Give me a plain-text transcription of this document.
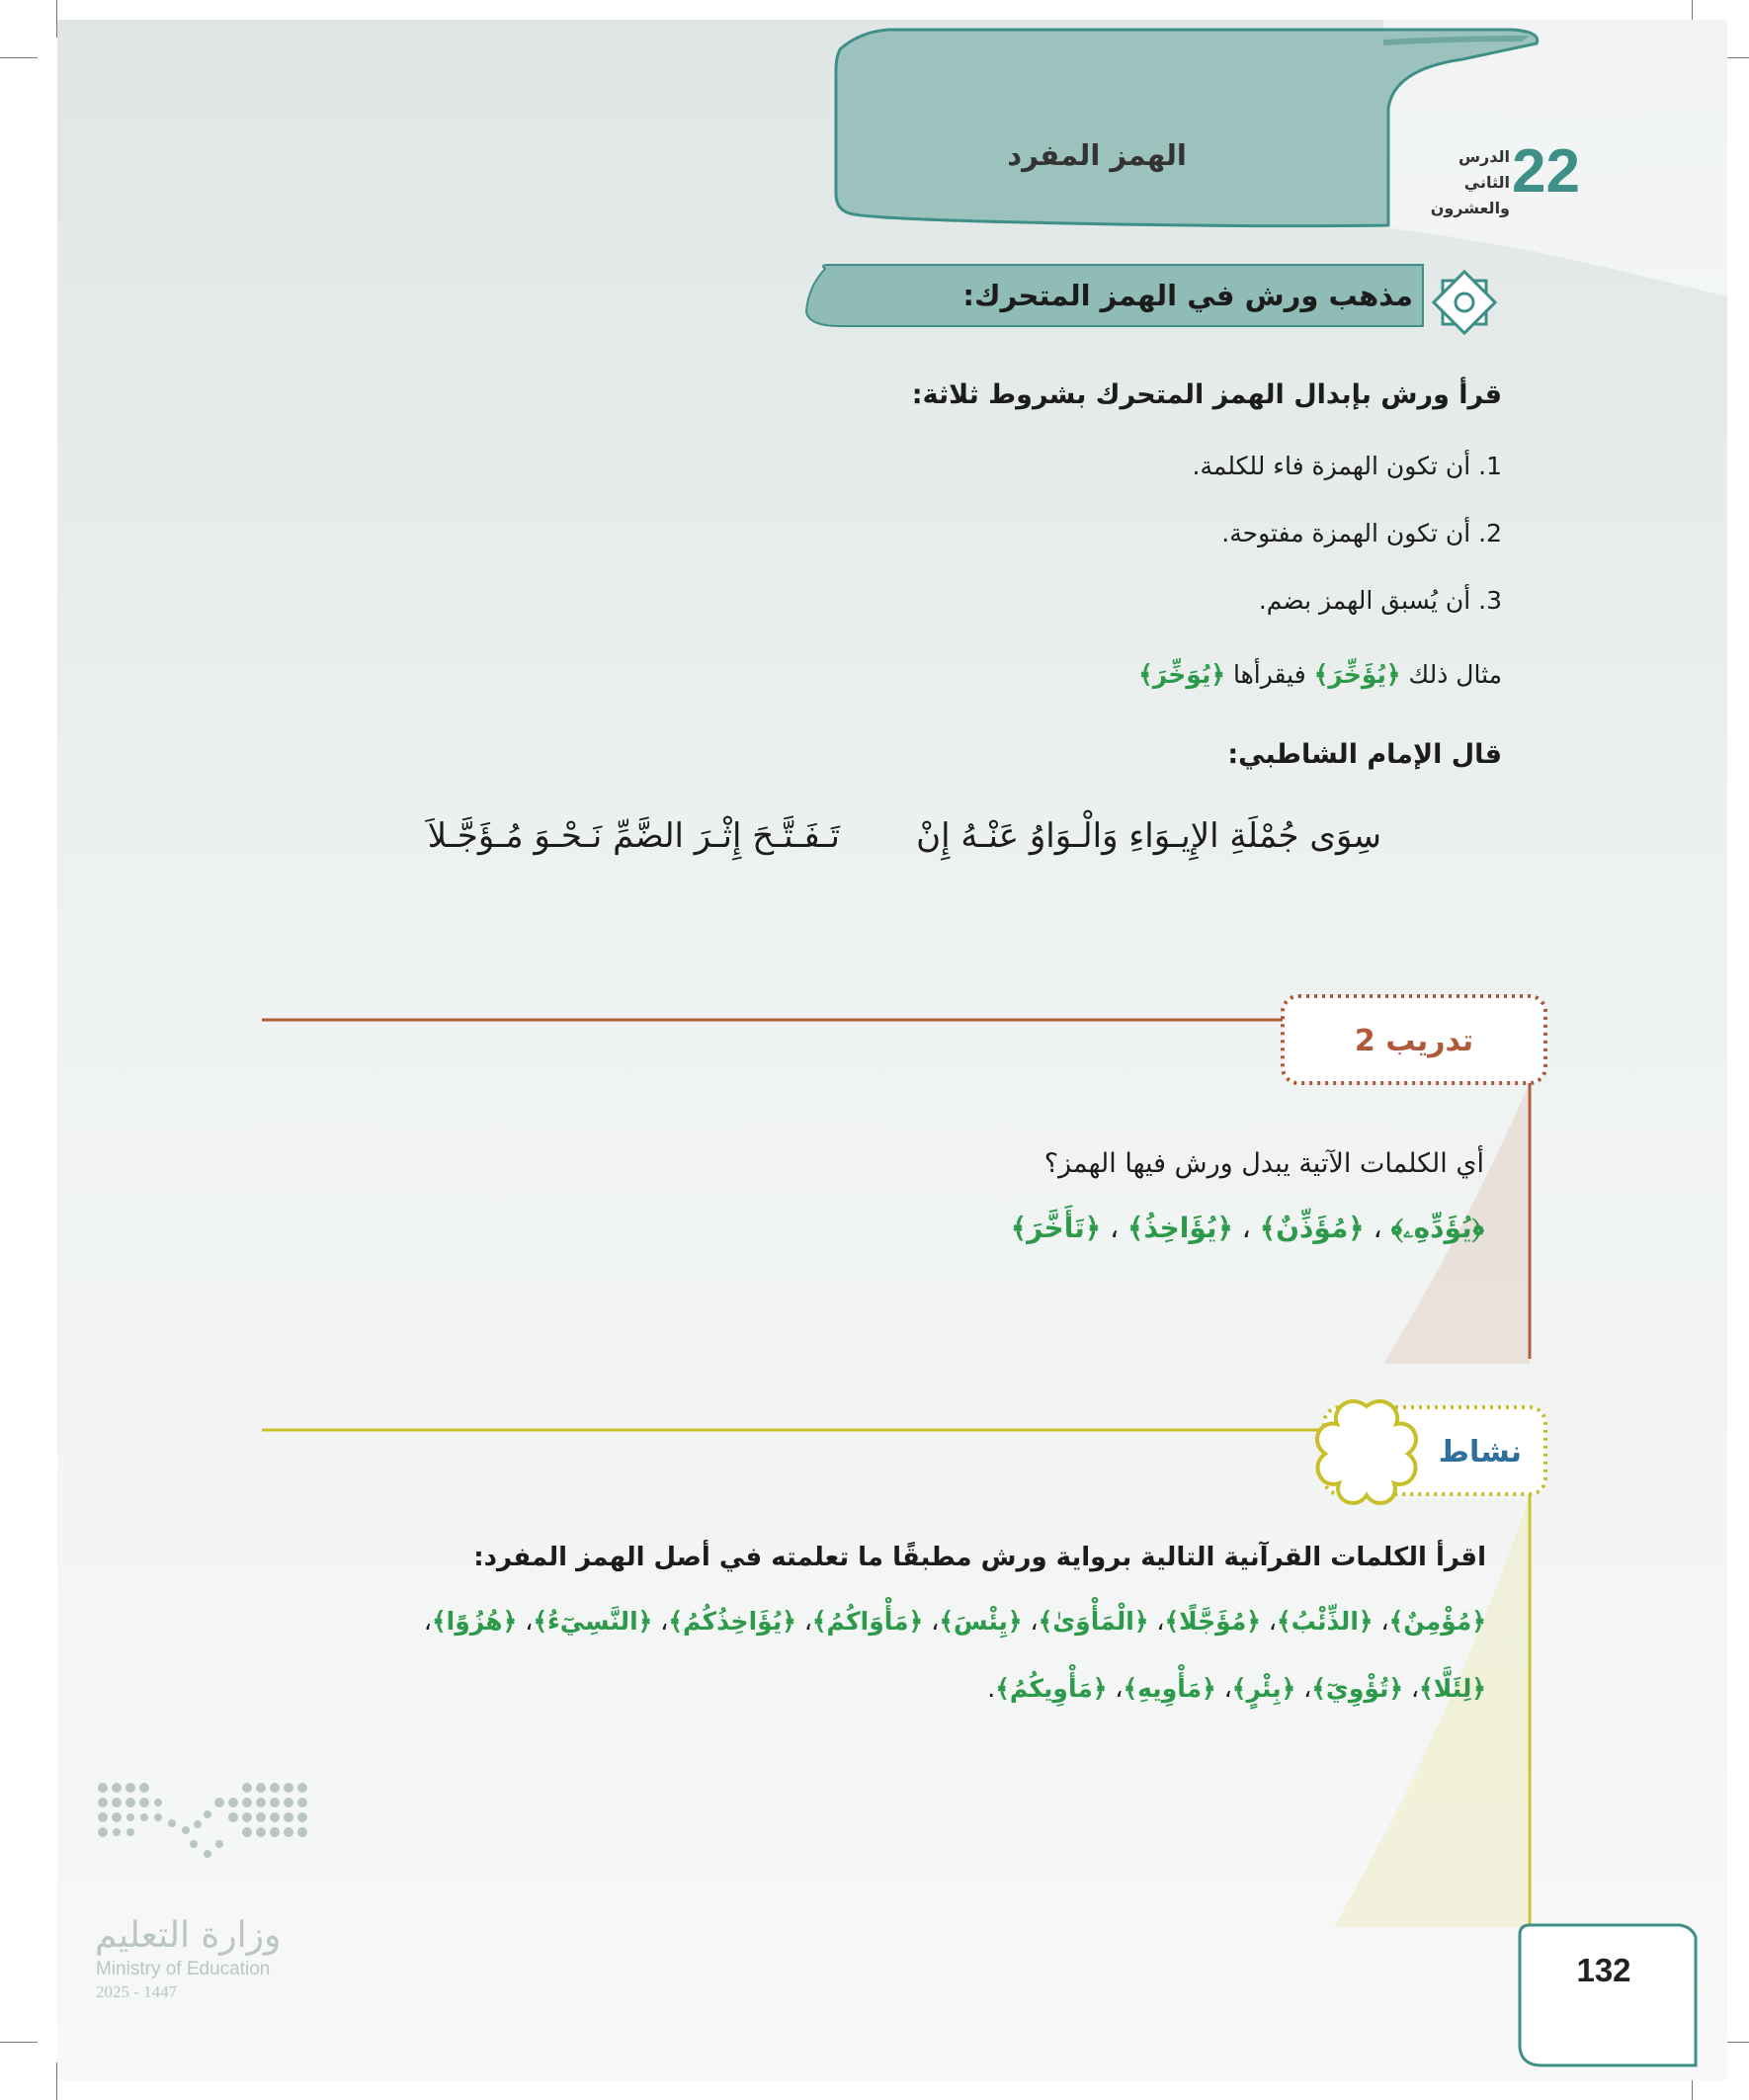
22
الدرس الثاني
والعشرون
الهمز المفرد
مذهب ورش في الهمز المتحرك:
قرأ ورش بإبدال الهمز المتحرك بشروط ثلاثة:
1. أن تكون الهمزة فاء للكلمة.
2. أن تكون الهمزة مفتوحة.
3. أن يُسبق الهمز بضم.
مثال ذلك ﴿يُؤَخِّرَ﴾ فيقرأها ﴿يُوَخِّرَ﴾
قال الإمام الشاطبي:
سِوَى جُمْلَةِ الإِيـوَاءِ وَالْـوَاوُ عَنْـهُ إِنْ
تَـفَـتَّـحَ إِثْـرَ الضَّمِّ نَـحْـوَ مُـؤَجَّـلاَ
تدريب 2
أي الكلمات الآتية يبدل ورش فيها الهمز؟
﴿يُؤَدِّهِۦ﴾ ، ﴿مُؤَذِّنٌ﴾ ، ﴿يُؤَاخِذُ﴾ ، ﴿تَأَخَّرَ﴾
نشاط
اقرأ الكلمات القرآنية التالية برواية ورش مطبقًا ما تعلمته في أصل الهمز المفرد:
﴿مُؤْمِنٌ﴾، ﴿الذِّئْبُ﴾، ﴿مُؤَجَّلًا﴾، ﴿الْمَأْوَىٰ﴾، ﴿يِئْسَ﴾، ﴿مَأْوَاكُمُ﴾، ﴿يُؤَاخِذُكُمُ﴾، ﴿النَّسِيٓءُ﴾، ﴿هُزُوًا﴾،
﴿لِئَلَّا﴾، ﴿تُؤْوِيٓ﴾، ﴿بِئْرٍ﴾، ﴿مَأْوِيهِ﴾، ﴿مَأْوِيكُمُ﴾.
وزارة التعليم
Ministry of Education
2025 - 1447
132
